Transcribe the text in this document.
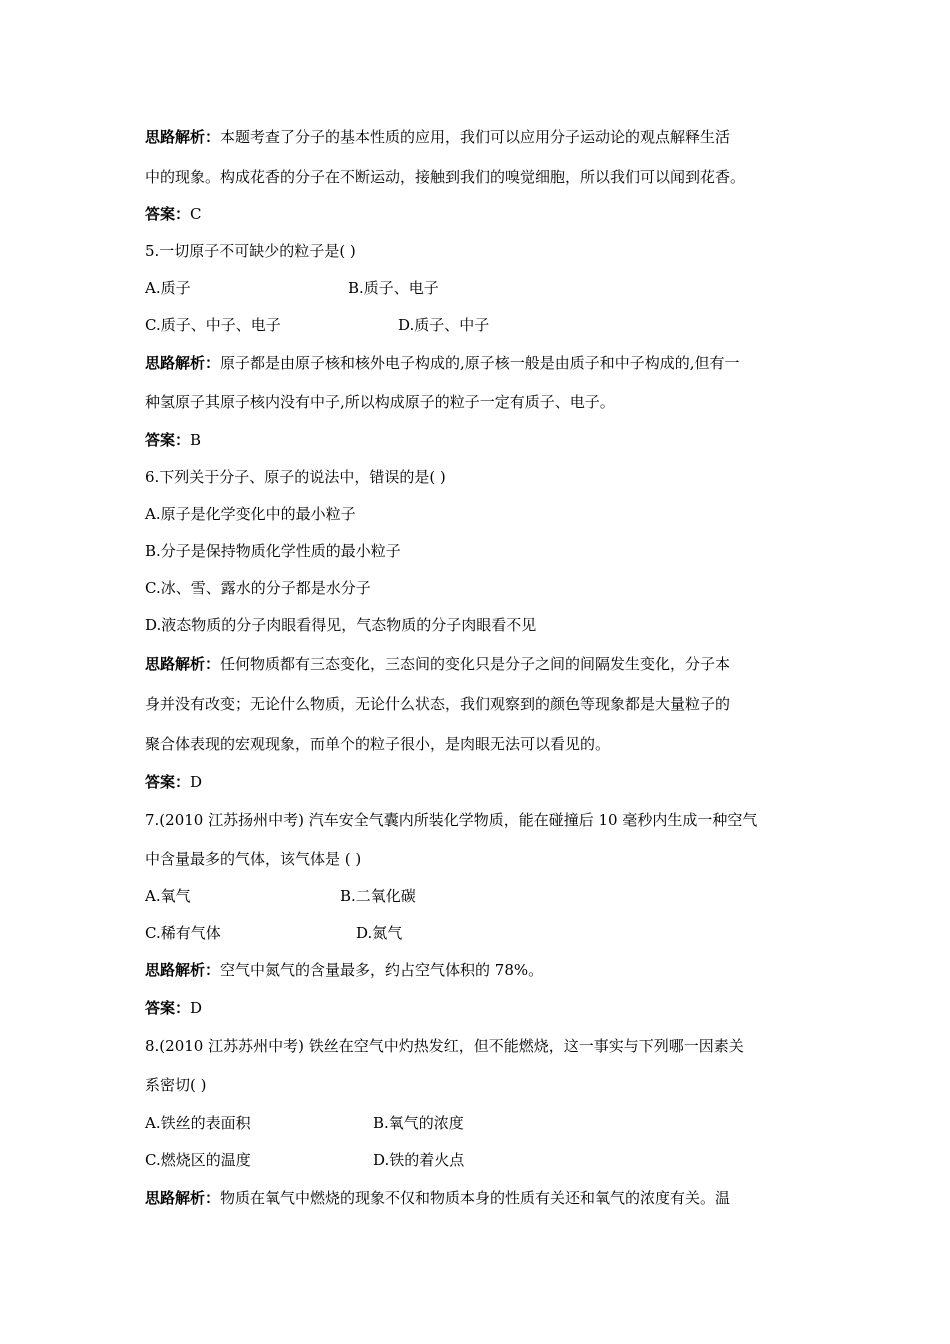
思路解析：本题考查了分子的基本性质的应用，我们可以应用分子运动论的观点解释生活
中的现象。构成花香的分子在不断运动，接触到我们的嗅觉细胞，所以我们可以闻到花香。
答案：C
5.一切原子不可缺少的粒子是( )
A.质子	B.质子、电子
C.质子、中子、电子	D.质子、中子
思路解析：原子都是由原子核和核外电子构成的,原子核一般是由质子和中子构成的,但有一
种氢原子其原子核内没有中子,所以构成原子的粒子一定有质子、电子。
答案：B
6.下列关于分子、原子的说法中，错误的是( )
A.原子是化学变化中的最小粒子
B.分子是保持物质化学性质的最小粒子
C.冰、雪、露水的分子都是水分子
D.液态物质的分子肉眼看得见，气态物质的分子肉眼看不见
思路解析：任何物质都有三态变化，三态间的变化只是分子之间的间隔发生变化，分子本
身并没有改变；无论什么物质，无论什么状态，我们观察到的颜色等现象都是大量粒子的
聚合体表现的宏观现象，而单个的粒子很小，是肉眼无法可以看见的。
答案：D
7.(2010 江苏扬州中考) 汽车安全气囊内所装化学物质，能在碰撞后 10 毫秒内生成一种空气
中含量最多的气体，该气体是 ( )
A.氧气	B.二氧化碳
C.稀有气体	D.氮气
思路解析：空气中氮气的含量最多，约占空气体积的 78%。
答案：D
8.(2010 江苏苏州中考) 铁丝在空气中灼热发红，但不能燃烧，这一事实与下列哪一因素关
系密切( )
A.铁丝的表面积	B.氧气的浓度
C.燃烧区的温度	D.铁的着火点
思路解析：物质在氧气中燃烧的现象不仅和物质本身的性质有关还和氧气的浓度有关。温
